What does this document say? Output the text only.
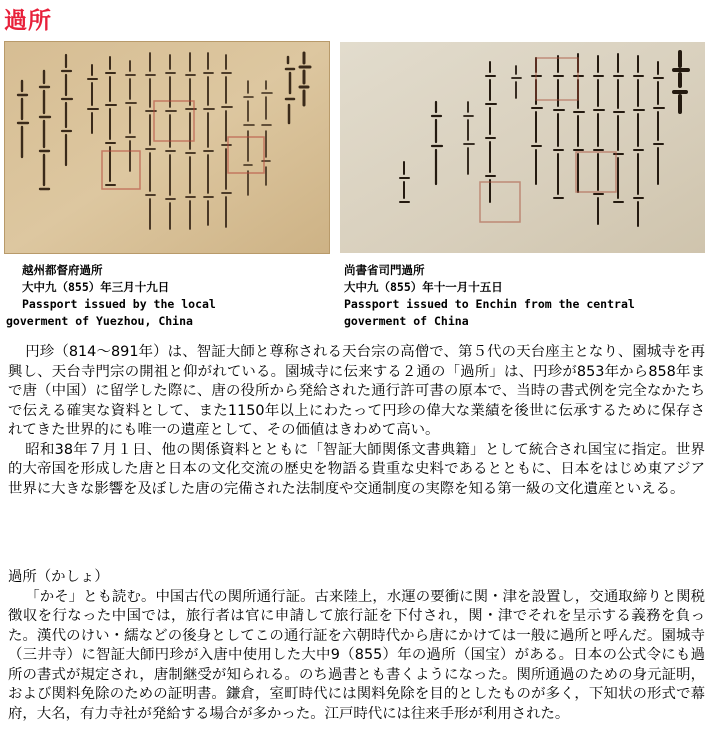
過所
越州都督府過所
大中九（855）年三月十九日
Passport issued by the local
goverment of Yuezhou, China
尚書省司門過所
大中九（855）年十一月十五日
Passport issued to Enchin from the central
goverment of China

円珍（814～891年）は、智証大師と尊称される天台宗の高僧で、第５代の天台座主となり、園城寺を再興し、天台寺門宗の開祖と仰がれている。園城寺に伝来する２通の「過所」は、円珍が853年から858年まで唐（中国）に留学した際に、唐の役所から発給された通行許可書の原本で、当時の書式例を完全なかたちで伝える確実な資料として、また1150年以上にわたって円珍の偉大な業績を後世に伝承するために保存されてきた世界的にも唯一の遺産として、その価値はきわめて高い。

昭和38年７月１日、他の関係資料とともに「智証大師関係文書典籍」として統合され国宝に指定。世界的大帝国を形成した唐と日本の文化交流の歴史を物語る貴重な史料であるとともに、日本をはじめ東アジア世界に大きな影響を及ぼした唐の完備された法制度や交通制度の実際を知る第一級の文化遺産といえる。

過所（かしょ）

「かそ」とも読む。中国古代の関所通行証。古来陸上，水運の要衝に関・津を設置し，交通取締りと関税徴収を行なった中国では，旅行者は官に申請して旅行証を下付され，関・津でそれを呈示する義務を負った。漢代のけい・繻などの後身としてこの通行証を六朝時代から唐にかけては一般に過所と呼んだ。園城寺（三井寺）に智証大師円珍が入唐中使用した大中9（855）年の過所（国宝）がある。日本の公式令にも過所の書式が規定され，唐制継受が知られる。のち過書とも書くようになった。関所通過のための身元証明，および関料免除のための証明書。鎌倉，室町時代には関料免除を目的としたものが多く，下知状の形式で幕府，大名，有力寺社が発給する場合が多かった。江戸時代には往来手形が利用された。
